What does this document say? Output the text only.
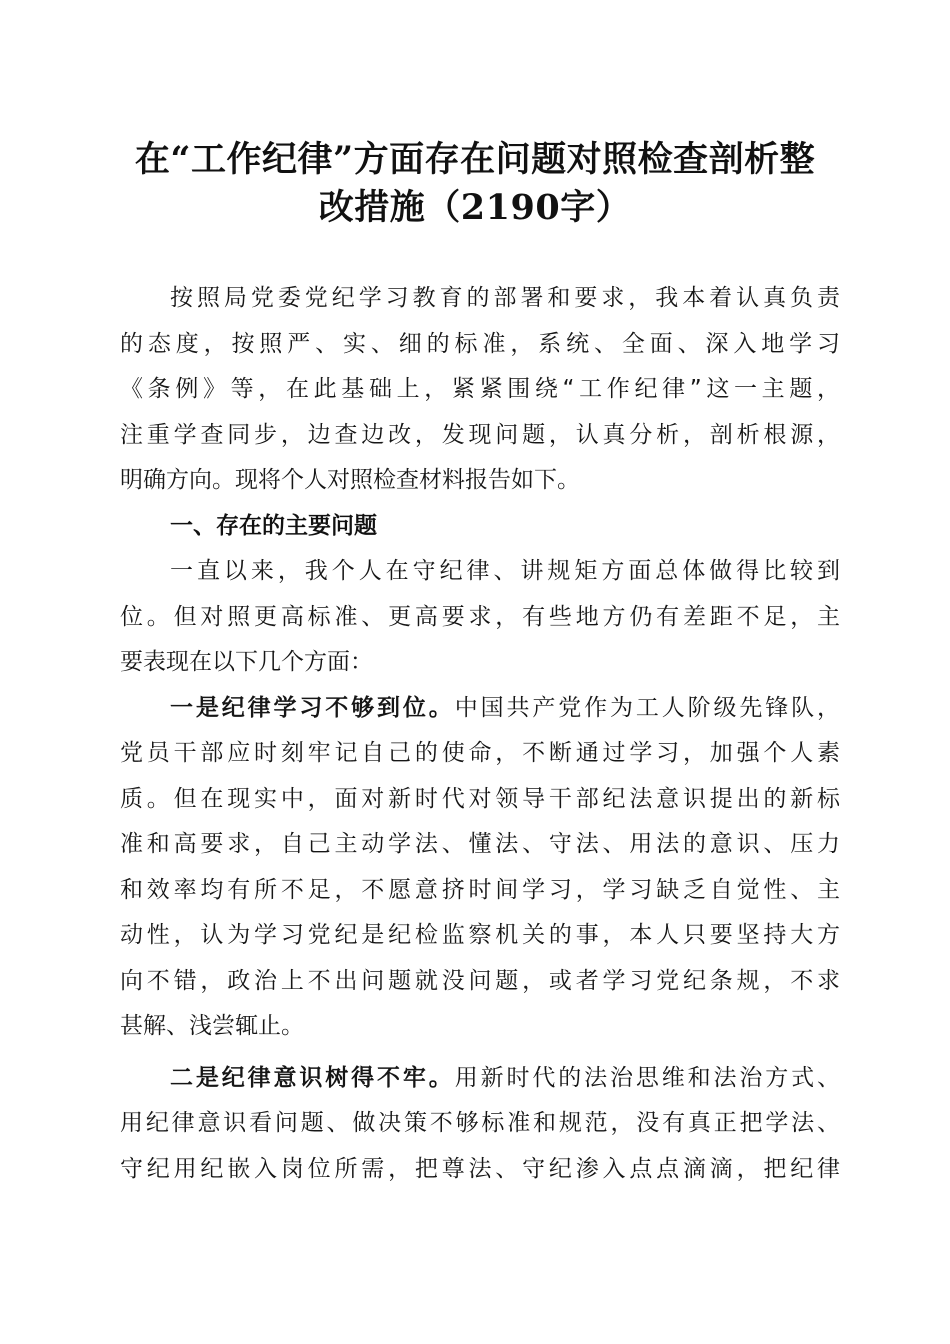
在“工作纪律”方面存在问题对照检查剖析整
改措施（2190字）
按照局党委党纪学习教育的部署和要求，我本着认真负责
的态度，按照严、实、细的标准，系统、全面、深入地学习
《条例》等，在此基础上，紧紧围绕“工作纪律”这一主题，
注重学查同步，边查边改，发现问题，认真分析，剖析根源，
明确方向。现将个人对照检查材料报告如下。
一、存在的主要问题
一直以来，我个人在守纪律、讲规矩方面总体做得比较到
位。但对照更高标准、更高要求，有些地方仍有差距不足，主
要表现在以下几个方面：
一是纪律学习不够到位。中国共产党作为工人阶级先锋队，
党员干部应时刻牢记自己的使命，不断通过学习，加强个人素
质。但在现实中，面对新时代对领导干部纪法意识提出的新标
准和高要求，自己主动学法、懂法、守法、用法的意识、压力
和效率均有所不足，不愿意挤时间学习，学习缺乏自觉性、主
动性，认为学习党纪是纪检监察机关的事，本人只要坚持大方
向不错，政治上不出问题就没问题，或者学习党纪条规，不求
甚解、浅尝辄止。
二是纪律意识树得不牢。用新时代的法治思维和法治方式、
用纪律意识看问题、做决策不够标准和规范，没有真正把学法、
守纪用纪嵌入岗位所需，把尊法、守纪渗入点点滴滴，把纪律
